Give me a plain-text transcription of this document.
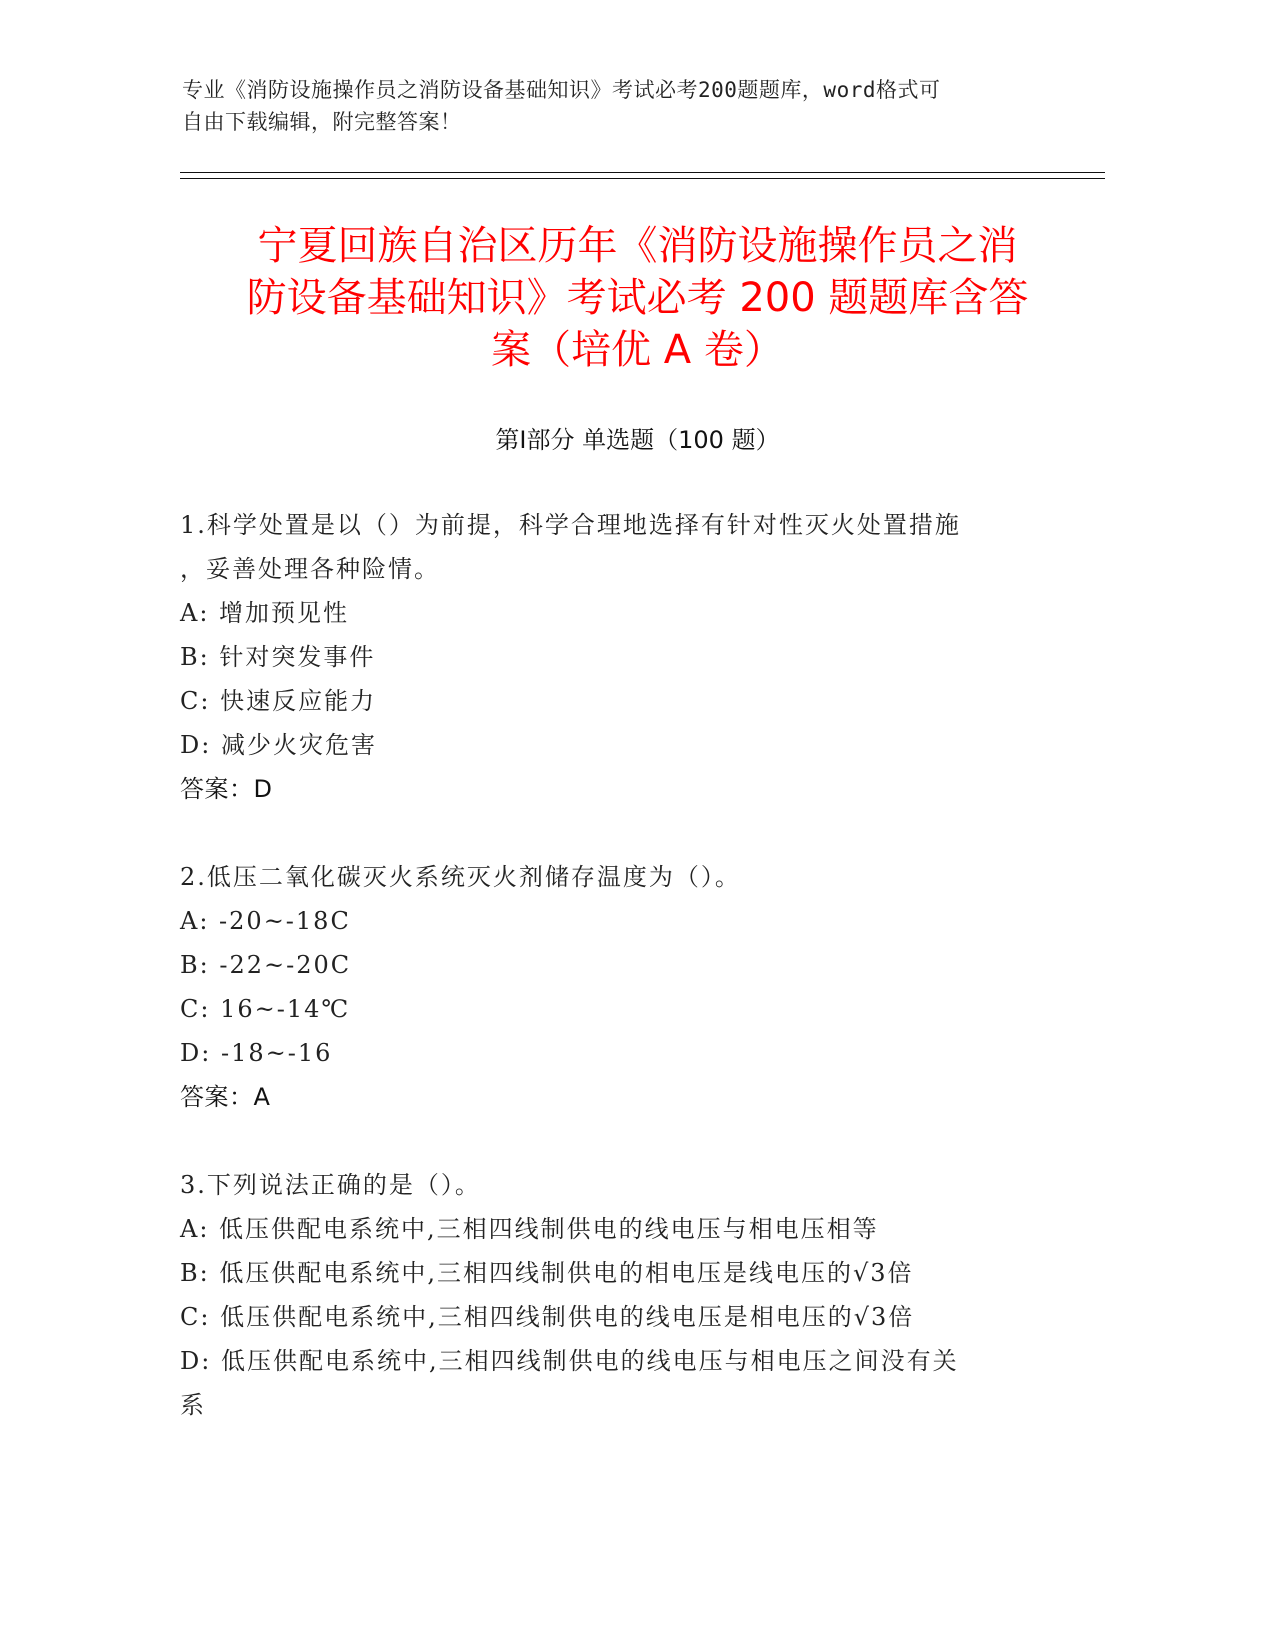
专业《消防设施操作员之消防设备基础知识》考试必考200题题库，word格式可
自由下载编辑，附完整答案！
宁夏回族自治区历年《消防设施操作员之消
防设备基础知识》考试必考 200 题题库含答
案（培优 A 卷）
第Ⅰ部分 单选题（100 题）
1.科学处置是以（）为前提，科学合理地选择有针对性灭火处置措施
，妥善处理各种险情。
A: 增加预见性
B: 针对突发事件
C: 快速反应能力
D: 减少火灾危害
答案：D
2.低压二氧化碳灭火系统灭火剂储存温度为（）。
A: -20~-18C
B: -22~-20C
C: 16~-14℃
D: -18~-16
答案：A
3.下列说法正确的是（）。
A: 低压供配电系统中,三相四线制供电的线电压与相电压相等
B: 低压供配电系统中,三相四线制供电的相电压是线电压的√3倍
C: 低压供配电系统中,三相四线制供电的线电压是相电压的√3倍
D: 低压供配电系统中,三相四线制供电的线电压与相电压之间没有关
系
